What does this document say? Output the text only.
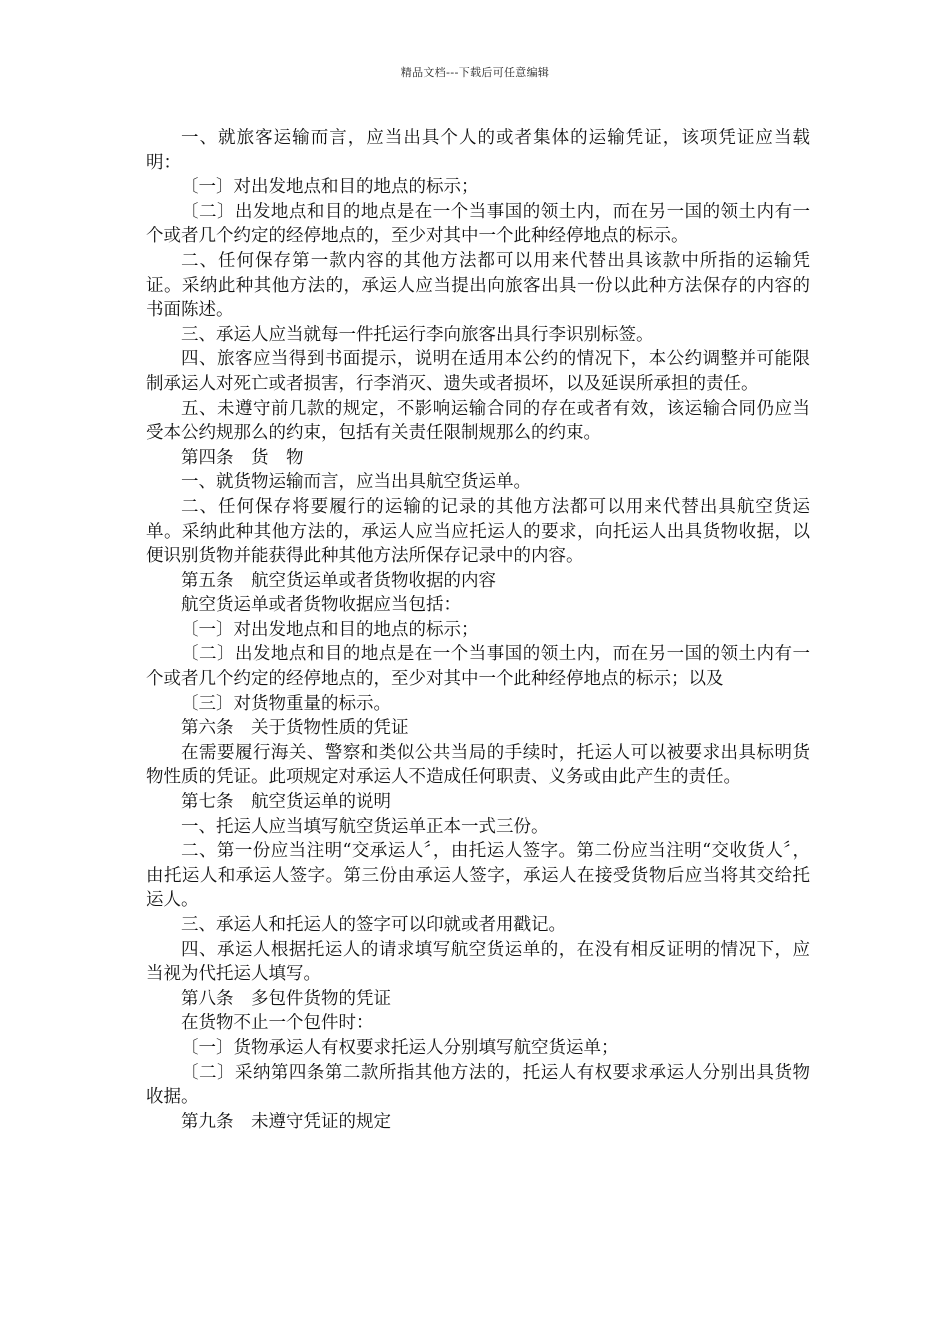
精品文档---下载后可任意编辑

一、就旅客运输而言，应当出具个人的或者集体的运输凭证，该项凭证应当载明：

〔一〕对出发地点和目的地点的标示；

〔二〕出发地点和目的地点是在一个当事国的领土内，而在另一国的领土内有一个或者几个约定的经停地点的，至少对其中一个此种经停地点的标示。

二、任何保存第一款内容的其他方法都可以用来代替出具该款中所指的运输凭证。采纳此种其他方法的，承运人应当提出向旅客出具一份以此种方法保存的内容的书面陈述。

三、承运人应当就每一件托运行李向旅客出具行李识别标签。

四、旅客应当得到书面提示，说明在适用本公约的情况下，本公约调整并可能限制承运人对死亡或者损害，行李消灭、遗失或者损坏，以及延误所承担的责任。

五、未遵守前几款的规定，不影响运输合同的存在或者有效，该运输合同仍应当受本公约规那么的约束，包括有关责任限制规那么的约束。

第四条　货　物

一、就货物运输而言，应当出具航空货运单。

二、任何保存将要履行的运输的记录的其他方法都可以用来代替出具航空货运单。采纳此种其他方法的，承运人应当应托运人的要求，向托运人出具货物收据，以便识别货物并能获得此种其他方法所保存记录中的内容。

第五条　航空货运单或者货物收据的内容

航空货运单或者货物收据应当包括：

〔一〕对出发地点和目的地点的标示；

〔二〕出发地点和目的地点是在一个当事国的领土内，而在另一国的领土内有一个或者几个约定的经停地点的，至少对其中一个此种经停地点的标示；以及

〔三〕对货物重量的标示。

第六条　关于货物性质的凭证

在需要履行海关、警察和类似公共当局的手续时，托运人可以被要求出具标明货物性质的凭证。此项规定对承运人不造成任何职责、义务或由此产生的责任。

第七条　航空货运单的说明

一、托运人应当填写航空货运单正本一式三份。

二、第一份应当注明“交承运人〞，由托运人签字。第二份应当注明“交收货人〞，由托运人和承运人签字。第三份由承运人签字，承运人在接受货物后应当将其交给托运人。

三、承运人和托运人的签字可以印就或者用戳记。

四、承运人根据托运人的请求填写航空货运单的，在没有相反证明的情况下，应当视为代托运人填写。

第八条　多包件货物的凭证

在货物不止一个包件时：

〔一〕货物承运人有权要求托运人分别填写航空货运单；

〔二〕采纳第四条第二款所指其他方法的，托运人有权要求承运人分别出具货物收据。

第九条　未遵守凭证的规定
